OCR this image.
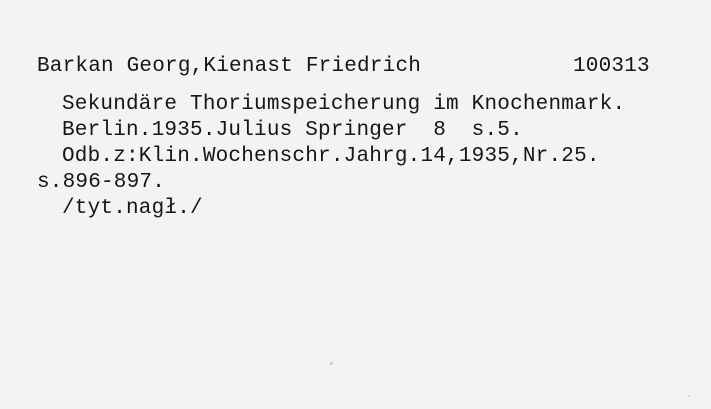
Barkan Georg,Kienast Friedrich	100313
Sekundäre Thoriumspeicherung im Knochenmark.
Berlin.1935.Julius Springer  8  s.5.
Odb.z:Klin.Wochenschr.Jahrg.14,1935,Nr.25.
s.896-897.
/tyt.nagł./
